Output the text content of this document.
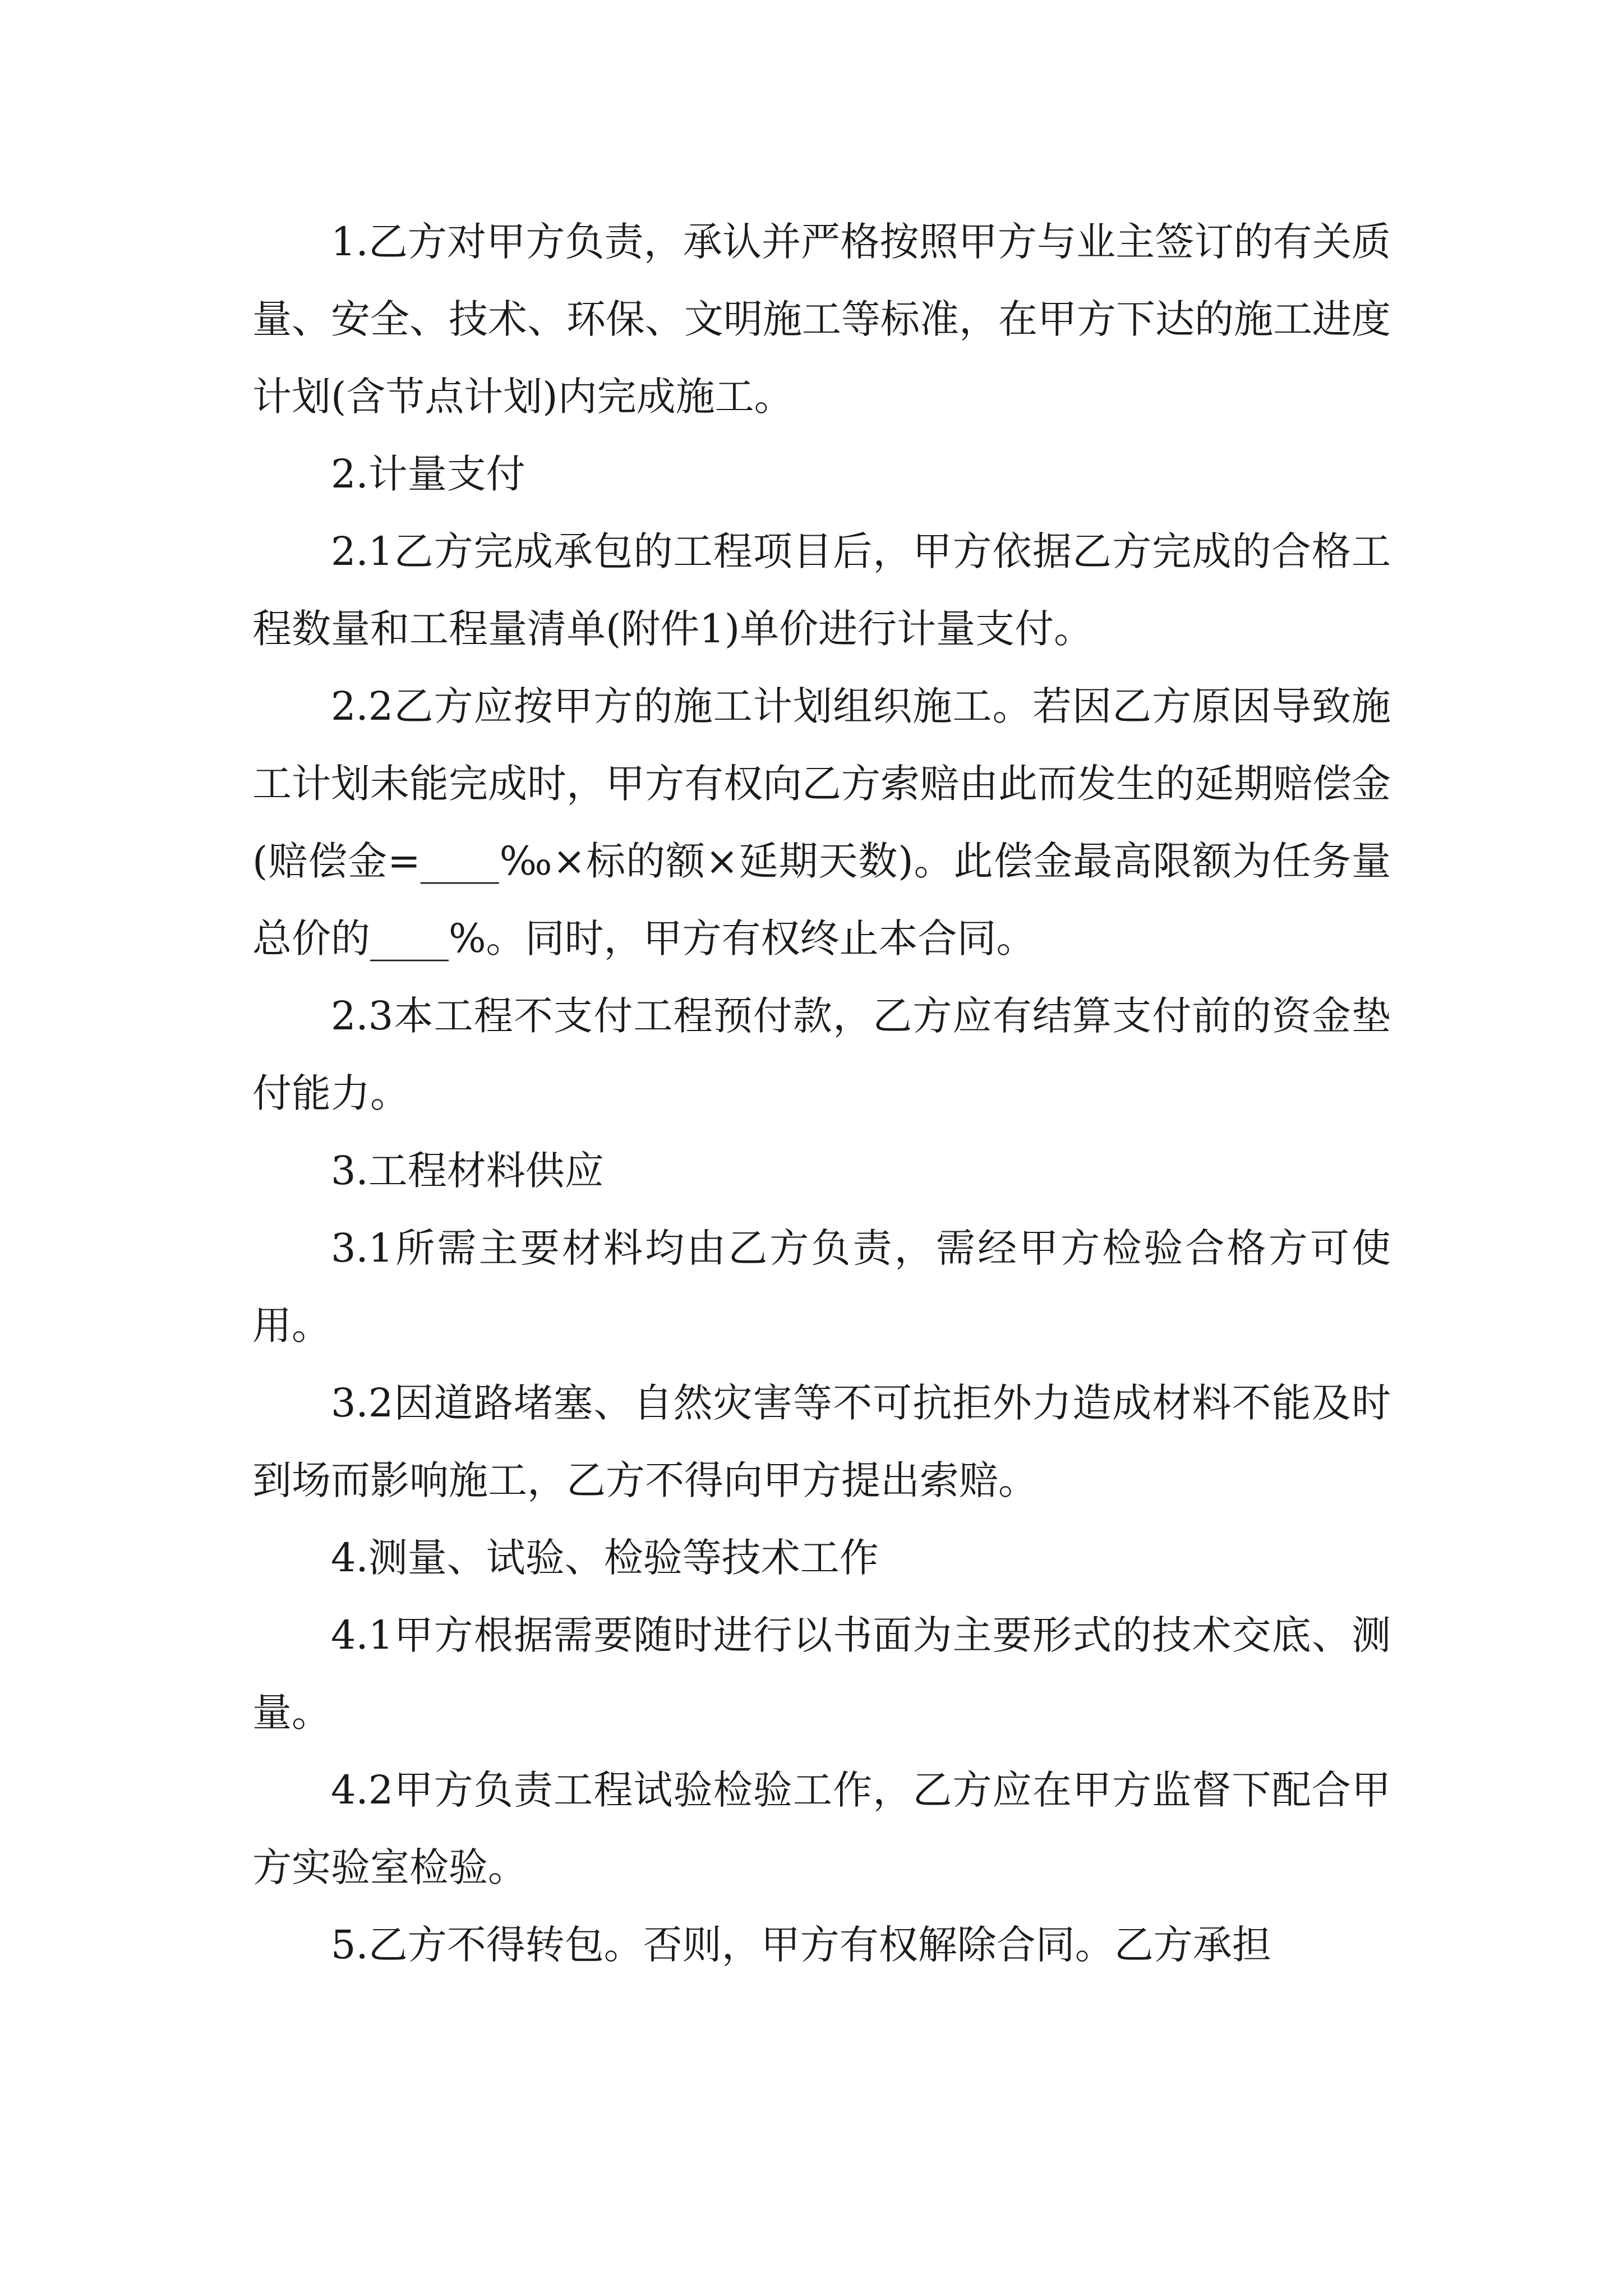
1.乙方对甲方负责，承认并严格按照甲方与业主签订的有关质量、安全、技术、环保、文明施工等标准，在甲方下达的施工进度计划(含节点计划)内完成施工。

2.计量支付

2.1乙方完成承包的工程项目后，甲方依据乙方完成的合格工程数量和工程量清单(附件1)单价进行计量支付。

2.2乙方应按甲方的施工计划组织施工。若因乙方原因导致施工计划未能完成时，甲方有权向乙方索赔由此而发生的延期赔偿金(赔偿金=____‰×标的额×延期天数)。此偿金最高限额为任务量总价的____%。同时，甲方有权终止本合同。

2.3本工程不支付工程预付款，乙方应有结算支付前的资金垫付能力。

3.工程材料供应

3.1所需主要材料均由乙方负责，需经甲方检验合格方可使用。

3.2因道路堵塞、自然灾害等不可抗拒外力造成材料不能及时到场而影响施工，乙方不得向甲方提出索赔。

4.测量、试验、检验等技术工作

4.1甲方根据需要随时进行以书面为主要形式的技术交底、测量。

4.2甲方负责工程试验检验工作，乙方应在甲方监督下配合甲方实验室检验。

5.乙方不得转包。否则，甲方有权解除合同。乙方承担
